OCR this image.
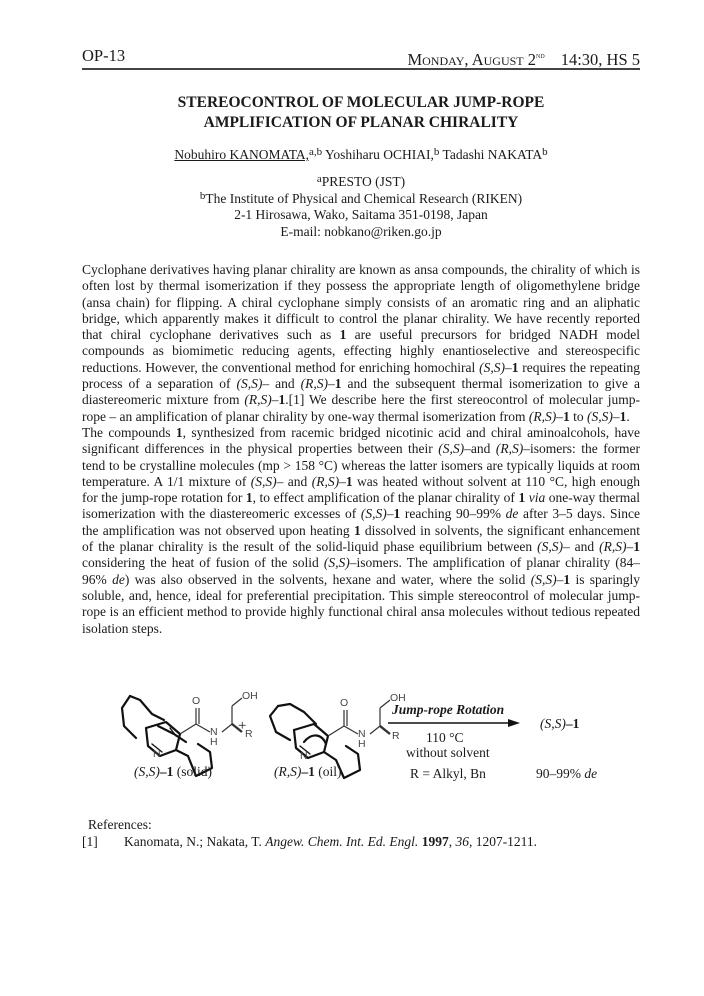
OP-13	Monday, August 2nd 14:30, HS 5
STEREOCONTROL OF MOLECULAR JUMP-ROPE
AMPLIFICATION OF PLANAR CHIRALITY
Nobuhiro KANOMATA,$^{a,b}$ Yoshiharu OCHIAI,$^b$ Tadashi NAKATA$^b$
$^a$PRESTO (JST)
$^b$The Institute of Physical and Chemical Research (RIKEN)
2-1 Hirosawa, Wako, Saitama 351-0198, Japan
E-mail: nobkano@riken.go.jp

Cyclophane derivatives having planar chirality are known as ansa compounds, the chirality of which is often lost by thermal isomerization if they possess the appropriate length of oligomethylene bridge (ansa chain) for flipping. A chiral cyclophane simply consists of an aromatic ring and an aliphatic bridge, which apparently makes it difficult to control the planar chirality. We have recently reported that chiral cyclophane derivatives such as 1 are useful precursors for bridged NADH model compounds as biomimetic reducing agents, effecting highly enantioselective and stereospecific reductions. However, the conventional method for enriching homochiral (S,S)–1 requires the repeating process of a separation of (S,S)– and (R,S)–1 and the subsequent thermal isomerization to give a diastereomeric mixture from (R,S)–1.[1] We describe here the first stereocontrol of molecular jump-rope – an amplification of planar chirality by one-way thermal isomerization from (R,S)–1 to (S,S)–1.

The compounds 1, synthesized from racemic bridged nicotinic acid and chiral aminoalcohols, have significant differences in the physical properties between their (S,S)–and (R,S)–isomers: the former tend to be crystalline molecules (mp > 158 °C) whereas the latter isomers are typically liquids at room temperature. A 1/1 mixture of (S,S)– and (R,S)–1 was heated without solvent at 110 °C, high enough for the jump-rope rotation for 1, to effect amplification of the planar chirality of 1 via one-way thermal isomerization with the diastereomeric excesses of (S,S)–1 reaching 90–99% de after 3–5 days. Since the amplification was not observed upon heating 1 dissolved in solvents, the significant enhancement of the planar chirality is the result of the solid-liquid phase equilibrium between (S,S)– and (R,S)–1 considering the heat of fusion of the solid (S,S)–isomers. The amplification of planar chirality (84–96% de) was also observed in the solvents, hexane and water, where the solid (S,S)–1 is sparingly soluble, and, hence, ideal for preferential precipitation. This simple stereocontrol of molecular jump-rope is an efficient method to provide highly functional chiral ansa molecules without tedious repeated isolation steps.

O	OH
N
H
R
N
O	OH
N
H
R
N
+
(S,S)–1 (solid)	(R,S)–1 (oil)
Jump-rope Rotation
110 °C
without solvent
R = Alkyl, Bn
(S,S)–1
90–99% de
References:
[1]	Kanomata, N.; Nakata, T. Angew. Chem. Int. Ed. Engl. 1997, 36, 1207-1211.
